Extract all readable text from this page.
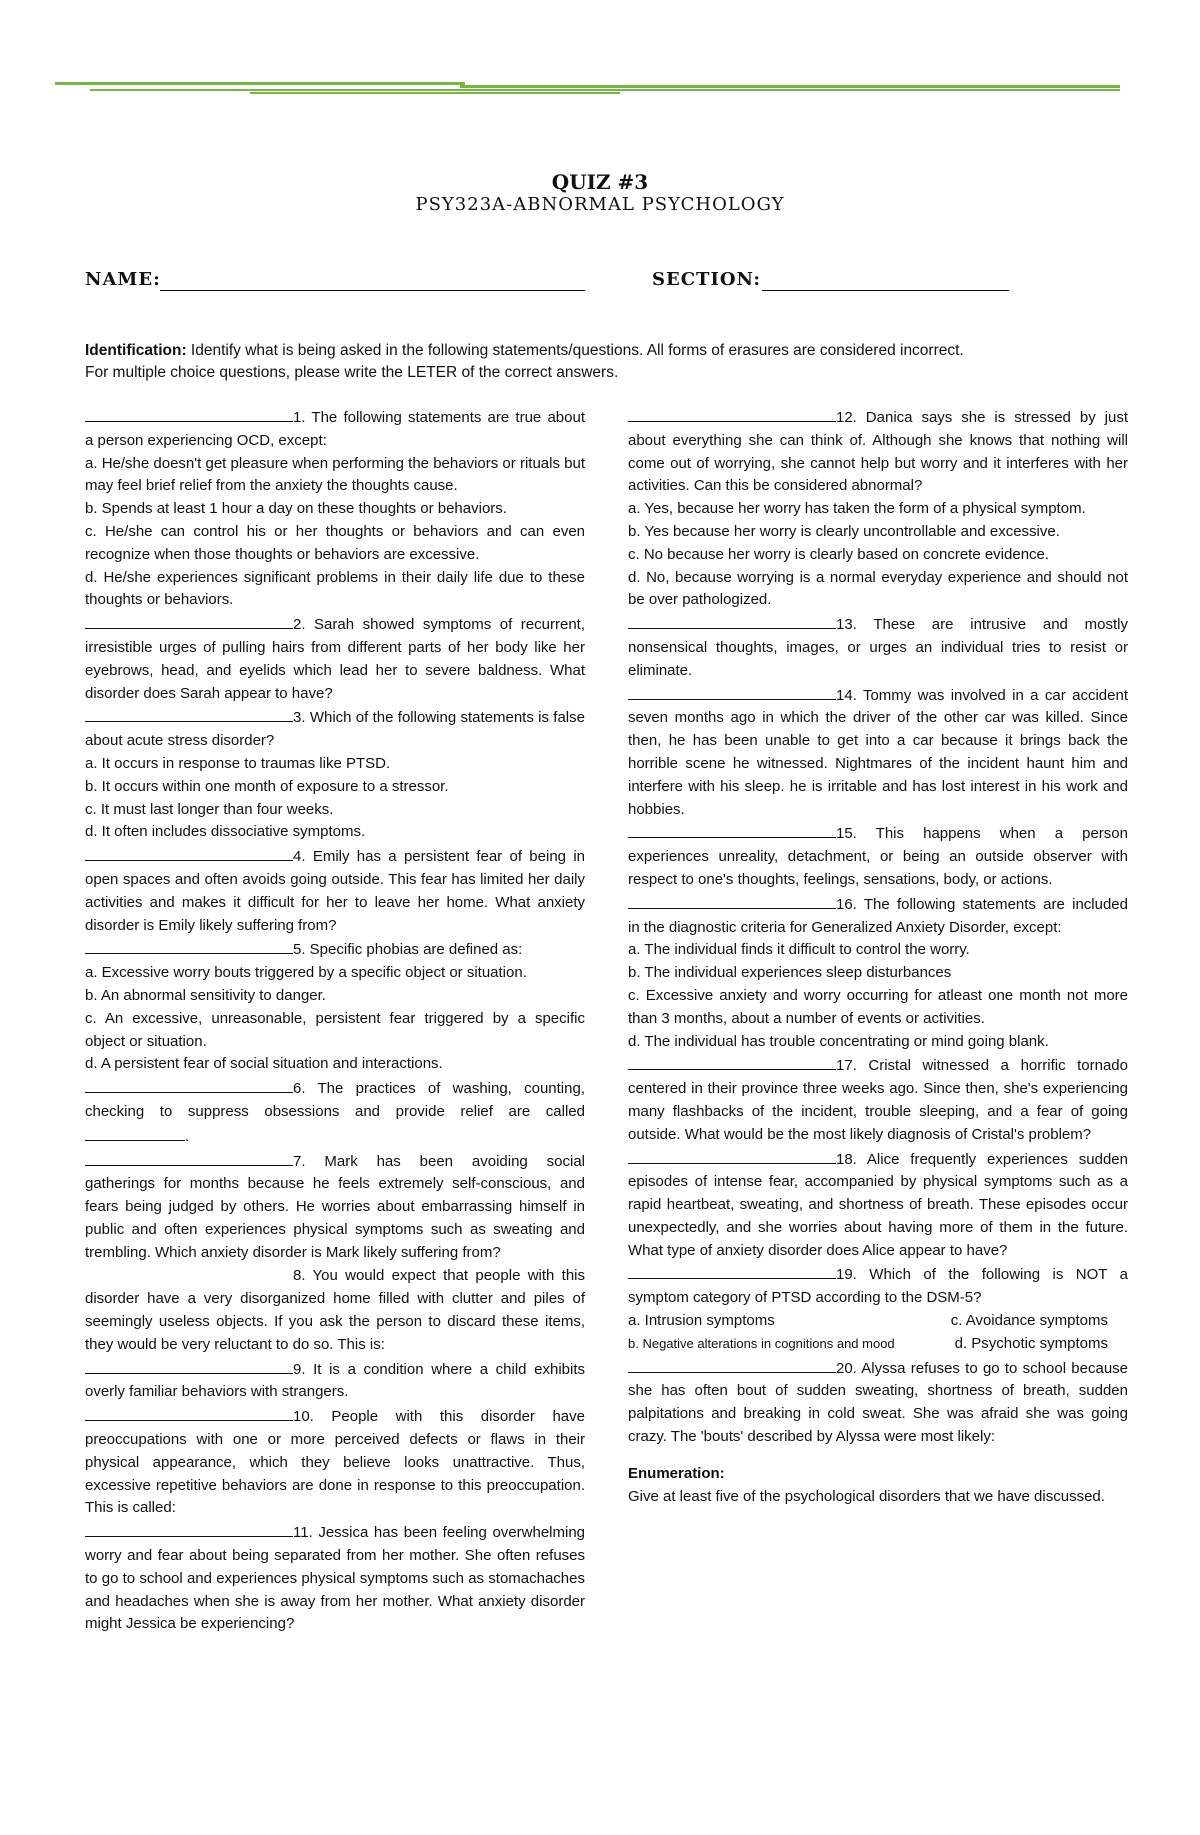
QUIZ #3
PSY323A-ABNORMAL PSYCHOLOGY
NAME:	SECTION:
Identification: Identify what is being asked in the following statements/questions. All forms of erasures are considered incorrect.
For multiple choice questions, please write the LETER of the correct answers.

1. The following statements are true about a person experiencing OCD, except:

a. He/she doesn't get pleasure when performing the behaviors or rituals but may feel brief relief from the anxiety the thoughts cause.

b. Spends at least 1 hour a day on these thoughts or behaviors.

c. He/she can control his or her thoughts or behaviors and can even recognize when those thoughts or behaviors are excessive.

d. He/she experiences significant problems in their daily life due to these thoughts or behaviors.

2. Sarah showed symptoms of recurrent, irresistible urges of pulling hairs from different parts of her body like her eyebrows, head, and eyelids which lead her to severe baldness. What disorder does Sarah appear to have?

3. Which of the following statements is false about acute stress disorder?

a. It occurs in response to traumas like PTSD.

b. It occurs within one month of exposure to a stressor.

c. It must last longer than four weeks.

d. It often includes dissociative symptoms.

4. Emily has a persistent fear of being in open spaces and often avoids going outside. This fear has limited her daily activities and makes it difficult for her to leave her home. What anxiety disorder is Emily likely suffering from?

5. Specific phobias are defined as:

a. Excessive worry bouts triggered by a specific object or situation.

b. An abnormal sensitivity to danger.

c. An excessive, unreasonable, persistent fear triggered by a specific object or situation.

d. A persistent fear of social situation and interactions.

6. The practices of washing, counting, checking to suppress obsessions and provide relief are called .

7. Mark has been avoiding social gatherings for months because he feels extremely self-conscious, and fears being judged by others. He worries about embarrassing himself in public and often experiences physical symptoms such as sweating and trembling. Which anxiety disorder is Mark likely suffering from?

8. You would expect that people with this disorder have a very disorganized home filled with clutter and piles of seemingly useless objects. If you ask the person to discard these items, they would be very reluctant to do so. This is:

9. It is a condition where a child exhibits overly familiar behaviors with strangers.

10. People with this disorder have preoccupations with one or more perceived defects or flaws in their physical appearance, which they believe looks unattractive. Thus, excessive repetitive behaviors are done in response to this preoccupation. This is called:

11. Jessica has been feeling overwhelming worry and fear about being separated from her mother. She often refuses to go to school and experiences physical symptoms such as stomachaches and headaches when she is away from her mother. What anxiety disorder might Jessica be experiencing?

12. Danica says she is stressed by just about everything she can think of. Although she knows that nothing will come out of worrying, she cannot help but worry and it interferes with her activities. Can this be considered abnormal?

a. Yes, because her worry has taken the form of a physical symptom.

b. Yes because her worry is clearly uncontrollable and excessive.

c. No because her worry is clearly based on concrete evidence.

d. No, because worrying is a normal everyday experience and should not be over pathologized.

13. These are intrusive and mostly nonsensical thoughts, images, or urges an individual tries to resist or eliminate.

14. Tommy was involved in a car accident seven months ago in which the driver of the other car was killed. Since then, he has been unable to get into a car because it brings back the horrible scene he witnessed. Nightmares of the incident haunt him and interfere with his sleep. he is irritable and has lost interest in his work and hobbies.

15. This happens when a person experiences unreality, detachment, or being an outside observer with respect to one's thoughts, feelings, sensations, body, or actions.

16. The following statements are included in the diagnostic criteria for Generalized Anxiety Disorder, except:

a. The individual finds it difficult to control the worry.

b. The individual experiences sleep disturbances

c. Excessive anxiety and worry occurring for atleast one month not more than 3 months, about a number of events or activities.

d. The individual has trouble concentrating or mind going blank.

17. Cristal witnessed a horrific tornado centered in their province three weeks ago. Since then, she's experiencing many flashbacks of the incident, trouble sleeping, and a fear of going outside. What would be the most likely diagnosis of Cristal's problem?

18. Alice frequently experiences sudden episodes of intense fear, accompanied by physical symptoms such as a rapid heartbeat, sweating, and shortness of breath. These episodes occur unexpectedly, and she worries about having more of them in the future. What type of anxiety disorder does Alice appear to have?

19. Which of the following is NOT a symptom category of PTSD according to the DSM-5?

a. Intrusion symptoms	c. Avoidance symptoms
b. Negative alterations in cognitions and mood	d. Psychotic symptoms

20. Alyssa refuses to go to school because she has often bout of sudden sweating, shortness of breath, sudden palpitations and breaking in cold sweat. She was afraid she was going crazy. The 'bouts' described by Alyssa were most likely:

Enumeration:

Give at least five of the psychological disorders that we have discussed.
